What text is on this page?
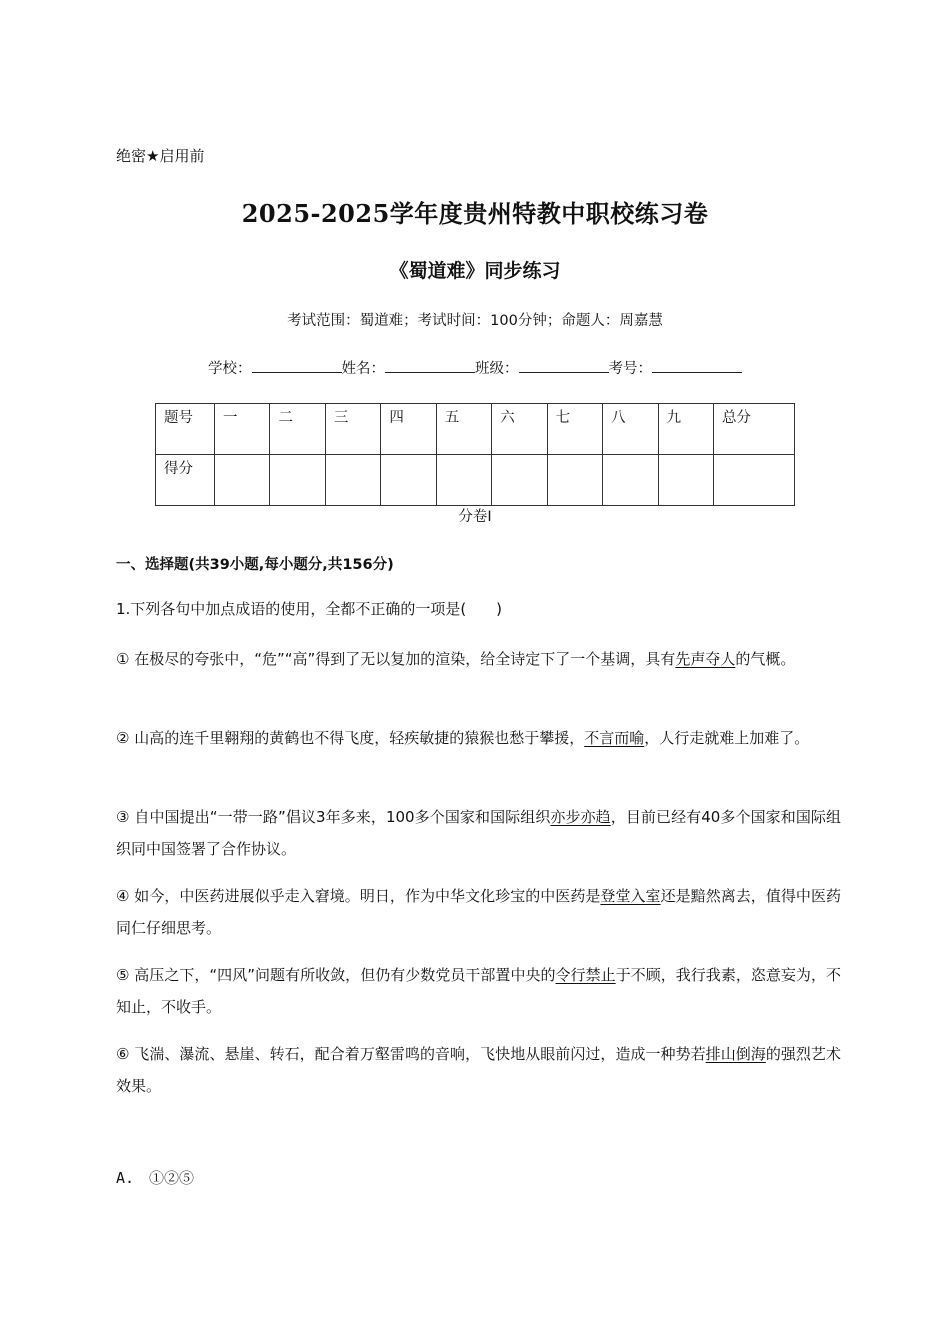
绝密★启用前
2025-2025学年度贵州特教中职校练习卷
《蜀道难》同步练习
考试范围：蜀道难；考试时间：100分钟；命题人：周嘉慧
学校：	姓名：	班级：	考号：
题号	一	二	三	四	五	六	七	八	九	总分
得分										
分卷I
一、选择题(共39小题,每小题分,共156分)
1.下列各句中加点成语的使用，全都不正确的一项是(　　)
① 在极尽的夸张中，“危”“高”得到了无以复加的渲染，给全诗定下了一个基调，具有先声夺人的气概。
② 山高的连千里翱翔的黄鹤也不得飞度，轻疾敏捷的猿猴也愁于攀援，不言而喻，人行走就难上加难了。
③ 自中国提出“一带一路”倡议3年多来，100多个国家和国际组织亦步亦趋，目前已经有40多个国家和国际组织同中国签署了合作协议。
④ 如今，中医药进展似乎走入窘境。明日，作为中华文化珍宝的中医药是登堂入室还是黯然离去，值得中医药同仁仔细思考。
⑤ 高压之下，“四风”问题有所收敛，但仍有少数党员干部置中央的令行禁止于不顾，我行我素，恣意妄为，不知止，不收手。
⑥ 飞湍、瀑流、悬崖、转石，配合着万壑雷鸣的音响，飞快地从眼前闪过，造成一种势若排山倒海的强烈艺术效果。
A.　①②⑤
